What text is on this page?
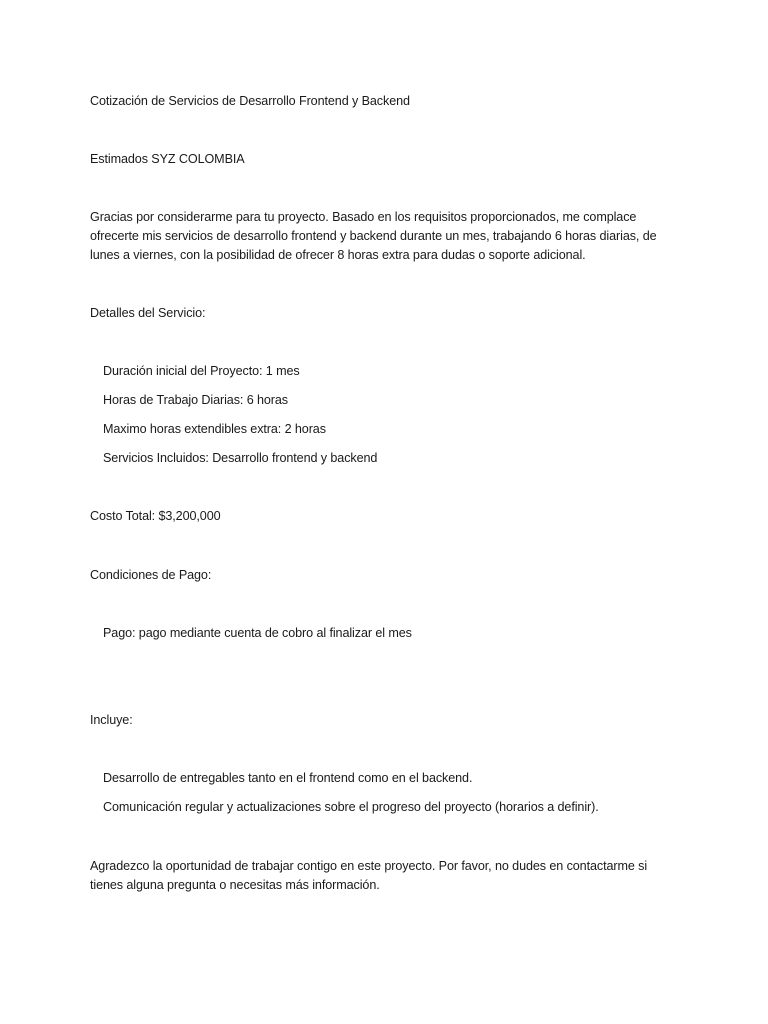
Cotización de Servicios de Desarrollo Frontend y Backend

Estimados SYZ COLOMBIA

Gracias por considerarme para tu proyecto. Basado en los requisitos proporcionados, me complace ofrecerte mis servicios de desarrollo frontend y backend durante un mes, trabajando 6 horas diarias, de lunes a viernes, con la posibilidad de ofrecer 8 horas extra para dudas o soporte adicional.

Detalles del Servicio:

Duración inicial del Proyecto: 1 mes

Horas de Trabajo Diarias: 6 horas

Maximo horas extendibles extra: 2 horas

Servicios Incluidos: Desarrollo frontend y backend

Costo Total: $3,200,000

Condiciones de Pago:

Pago: pago mediante cuenta de cobro al finalizar el mes

Incluye:

Desarrollo de entregables tanto en el frontend como en el backend.

Comunicación regular y actualizaciones sobre el progreso del proyecto (horarios a definir).

Agradezco la oportunidad de trabajar contigo en este proyecto. Por favor, no dudes en contactarme si tienes alguna pregunta o necesitas más información.
